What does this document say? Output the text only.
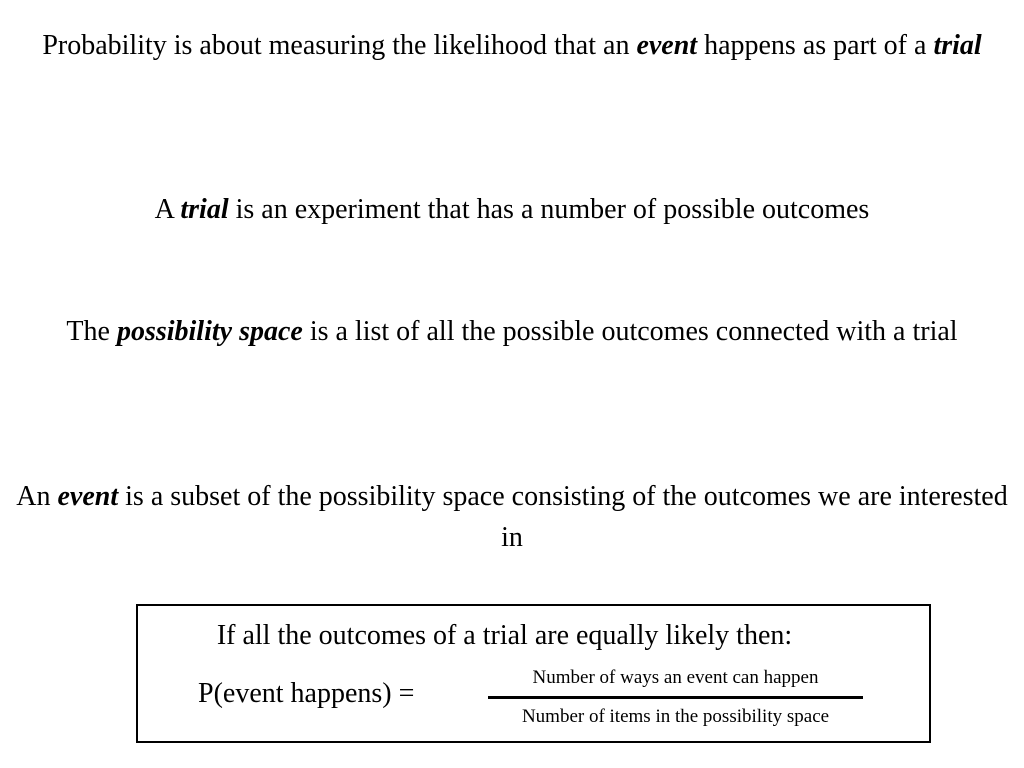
Probability is about measuring the likelihood that an event happens as part of a trial
A trial is an experiment that has a number of possible outcomes
The possibility space is a list of all the possible outcomes connected with a trial
An event is a subset of the possibility space consisting of the outcomes we are interested in
If all the outcomes of a trial are equally likely then:
P(event happens) =
Number of ways an event can happen
Number of items in the possibility space
